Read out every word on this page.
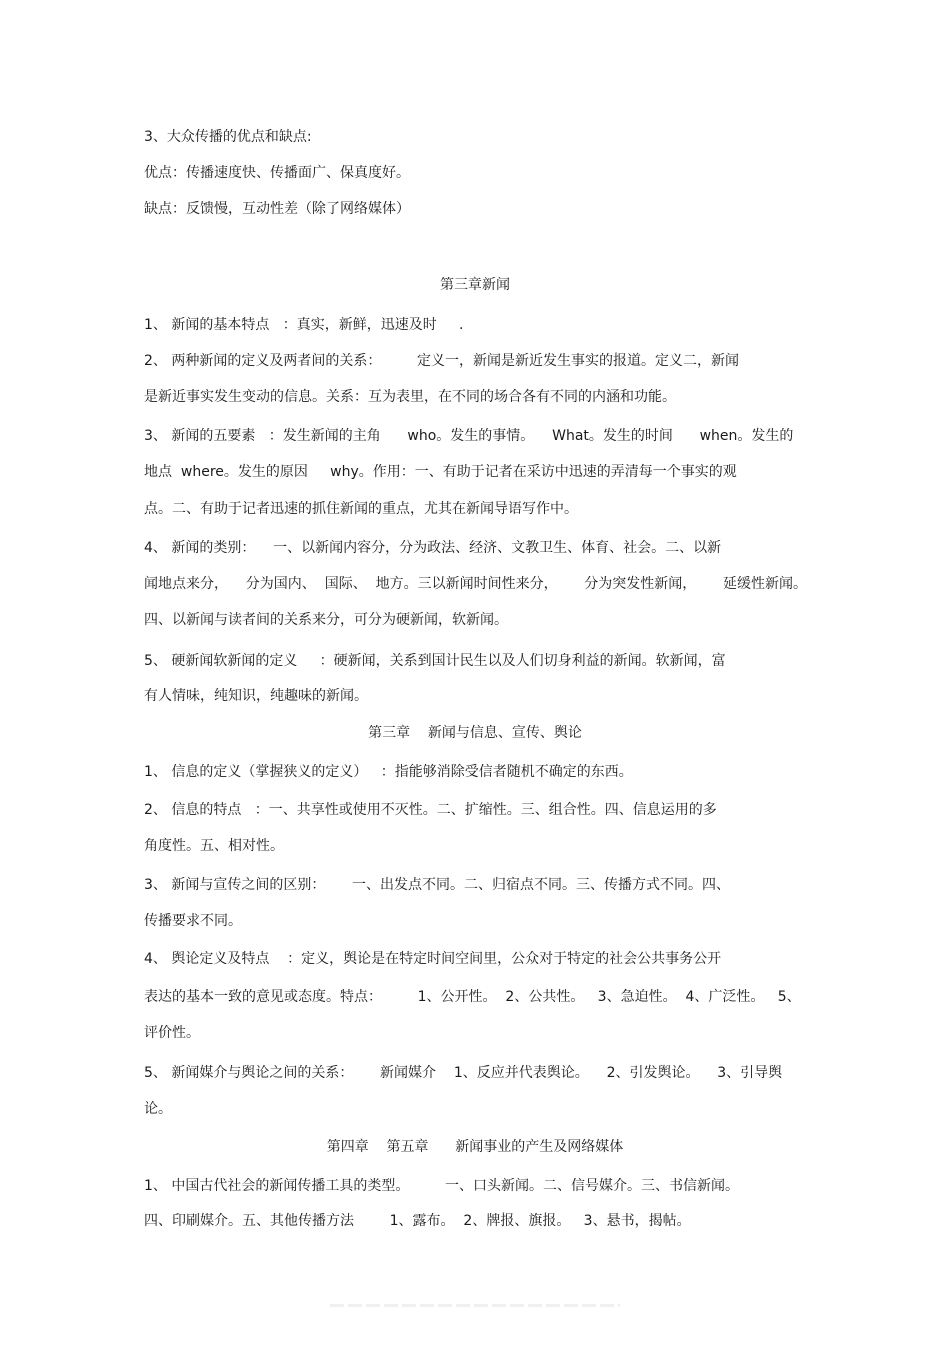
3、大众传播的优点和缺点:
优点：传播速度快、传播面广、保真度好。
缺点：反馈慢，互动性差（除了网络媒体）
第三章新闻
1、 新闻的基本特点   ：真实，新鲜，迅速及时     .
2、 两种新闻的定义及两者间的关系：        定义一，新闻是新近发生事实的报道。定义二，新闻
是新近事实发生变动的信息。关系：互为表里，在不同的场合各有不同的内涵和功能。
3、 新闻的五要素   ：发生新闻的主角      who。发生的事情。    What。发生的时间      when。发生的
地点  where。发生的原因     why。作用：一、有助于记者在采访中迅速的弄清每一个事实的观
点。二、有助于记者迅速的抓住新闻的重点，尤其在新闻导语写作中。
4、 新闻的类别：    一、以新闻内容分，分为政法、经济、文教卫生、体育、社会。二、以新
闻地点来分，    分为国内、  国际、  地方。三以新闻时间性来分，      分为突发性新闻，      延缓性新闻。
四、以新闻与读者间的关系来分，可分为硬新闻，软新闻。
5、 硬新闻软新闻的定义     ：硬新闻，关系到国计民生以及人们切身利益的新闻。软新闻，富
有人情味，纯知识，纯趣味的新闻。
第三章    新闻与信息、宣传、舆论
1、 信息的定义（掌握狭义的定义）   ：指能够消除受信者随机不确定的东西。
2、 信息的特点   ：一、共享性或使用不灭性。二、扩缩性。三、组合性。四、信息运用的多
角度性。五、相对性。
3、 新闻与宣传之间的区别：      一、出发点不同。二、归宿点不同。三、传播方式不同。四、
传播要求不同。
4、 舆论定义及特点    ：定义，舆论是在特定时间空间里，公众对于特定的社会公共事务公开
表达的基本一致的意见或态度。特点：        1、公开性。  2、公共性。   3、急迫性。  4、广泛性。   5、
评价性。
5、 新闻媒介与舆论之间的关系：      新闻媒介    1、反应并代表舆论。    2、引发舆论。    3、引导舆
论。
第四章    第五章      新闻事业的产生及网络媒体
1、 中国古代社会的新闻传播工具的类型。        一、口头新闻。二、信号媒介。三、书信新闻。
四、印刷媒介。五、其他传播方法        1、露布。  2、牌报、旗报。   3、悬书，揭帖。
